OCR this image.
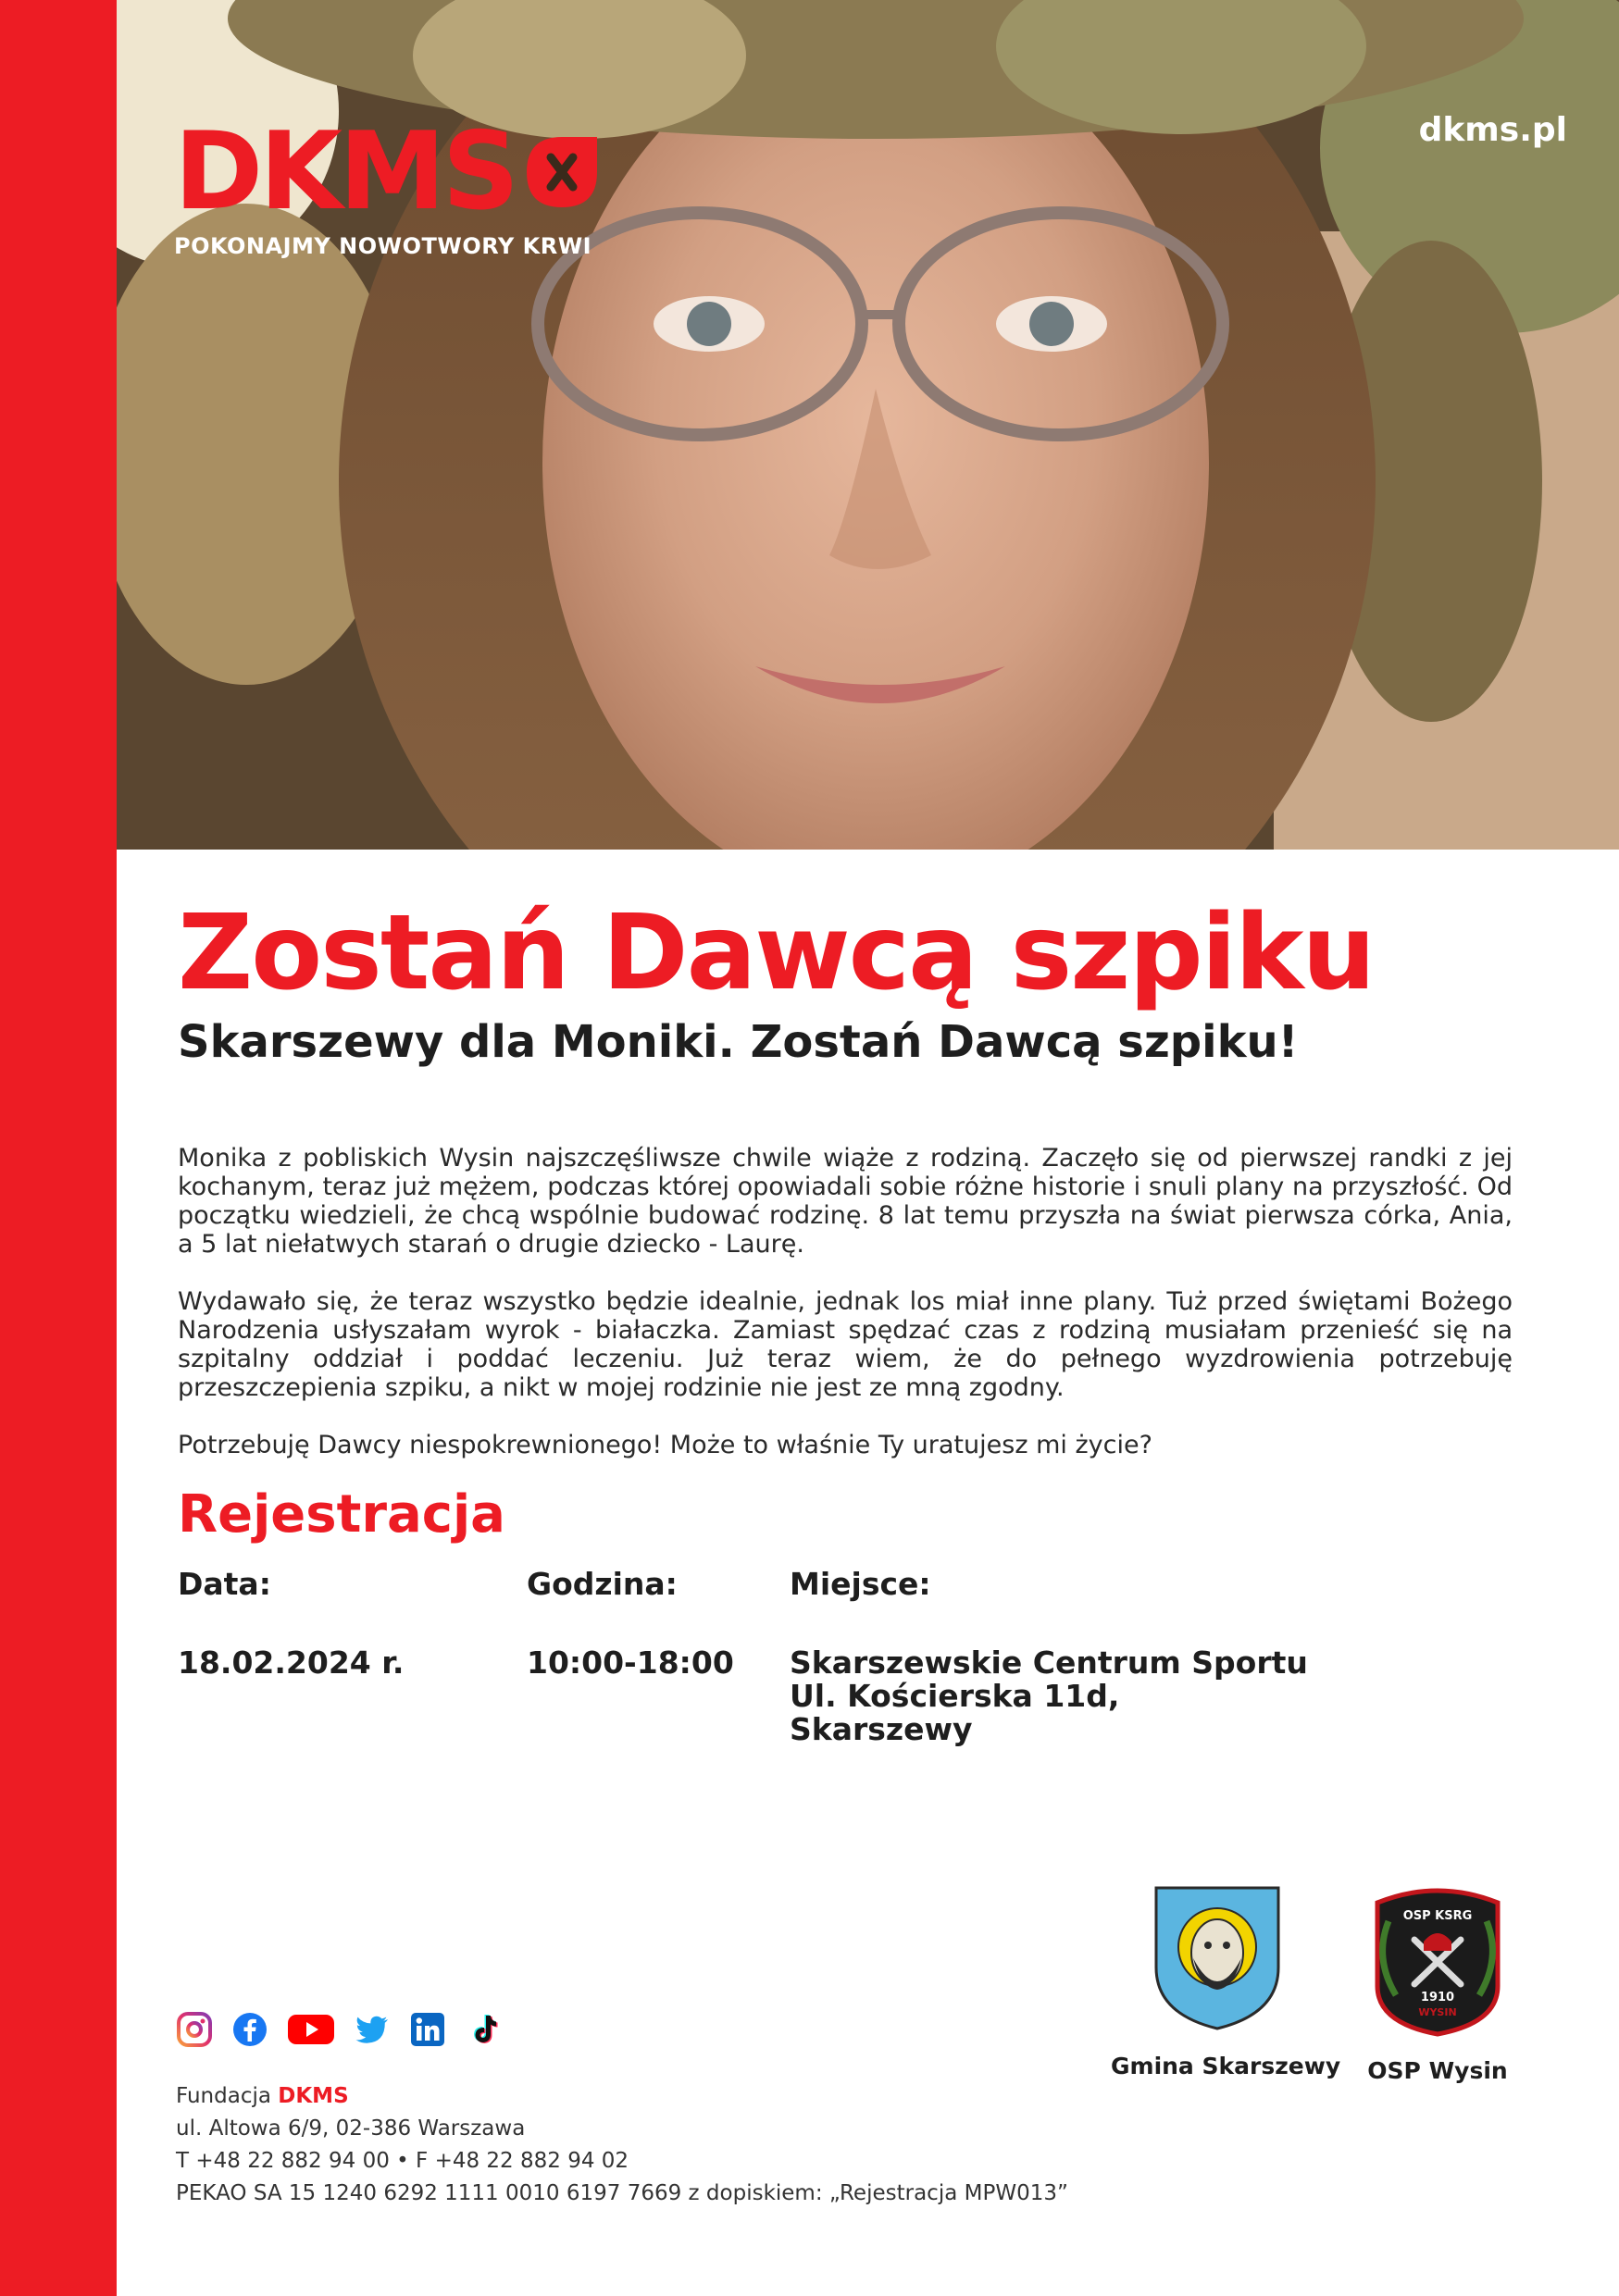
dkms.pl
DKMS
POKONAJMY NOWOTWORY KRWI
Zostań Dawcą szpiku
Skarszewy dla Moniki. Zostań Dawcą szpiku!

Monika z pobliskich Wysin najszczęśliwsze chwile wiąże z rodziną. Zaczęło się od pierwszej randki z jej kochanym, teraz już mężem, podczas której opowiadali sobie różne historie i snuli plany na przyszłość. Od początku wiedzieli, że chcą wspólnie budować rodzinę. 8 lat temu przyszła na świat pierwsza córka, Ania, a 5 lat niełatwych starań o drugie dziecko - Laurę.

Wydawało się, że teraz wszystko będzie idealnie, jednak los miał inne plany. Tuż przed świętami Bożego Narodzenia usłyszałam wyrok - białaczka. Zamiast spędzać czas z rodziną musiałam przenieść się na szpitalny oddział i poddać leczeniu. Już teraz wiem, że do pełnego wyzdrowienia potrzebuję przeszczepienia szpiku, a nikt w mojej rodzinie nie jest ze mną zgodny.

Potrzebuję Dawcy niespokrewnionego! Może to właśnie Ty uratujesz mi życie?

Rejestracja
Data:
18.02.2024 r.
Godzina:
10:00-18:00
Miejsce:
Skarszewskie Centrum Sportu
Ul. Kościerska 11d,
Skarszewy
Gmina Skarszewy
OSP KSRG
1910
WYSIN
OSP Wysin
Fundacja DKMS
ul. Altowa 6/9, 02-386 Warszawa
T +48 22 882 94 00 • F +48 22 882 94 02
PEKAO SA 15 1240 6292 1111 0010 6197 7669 z dopiskiem: „Rejestracja MPW013”
